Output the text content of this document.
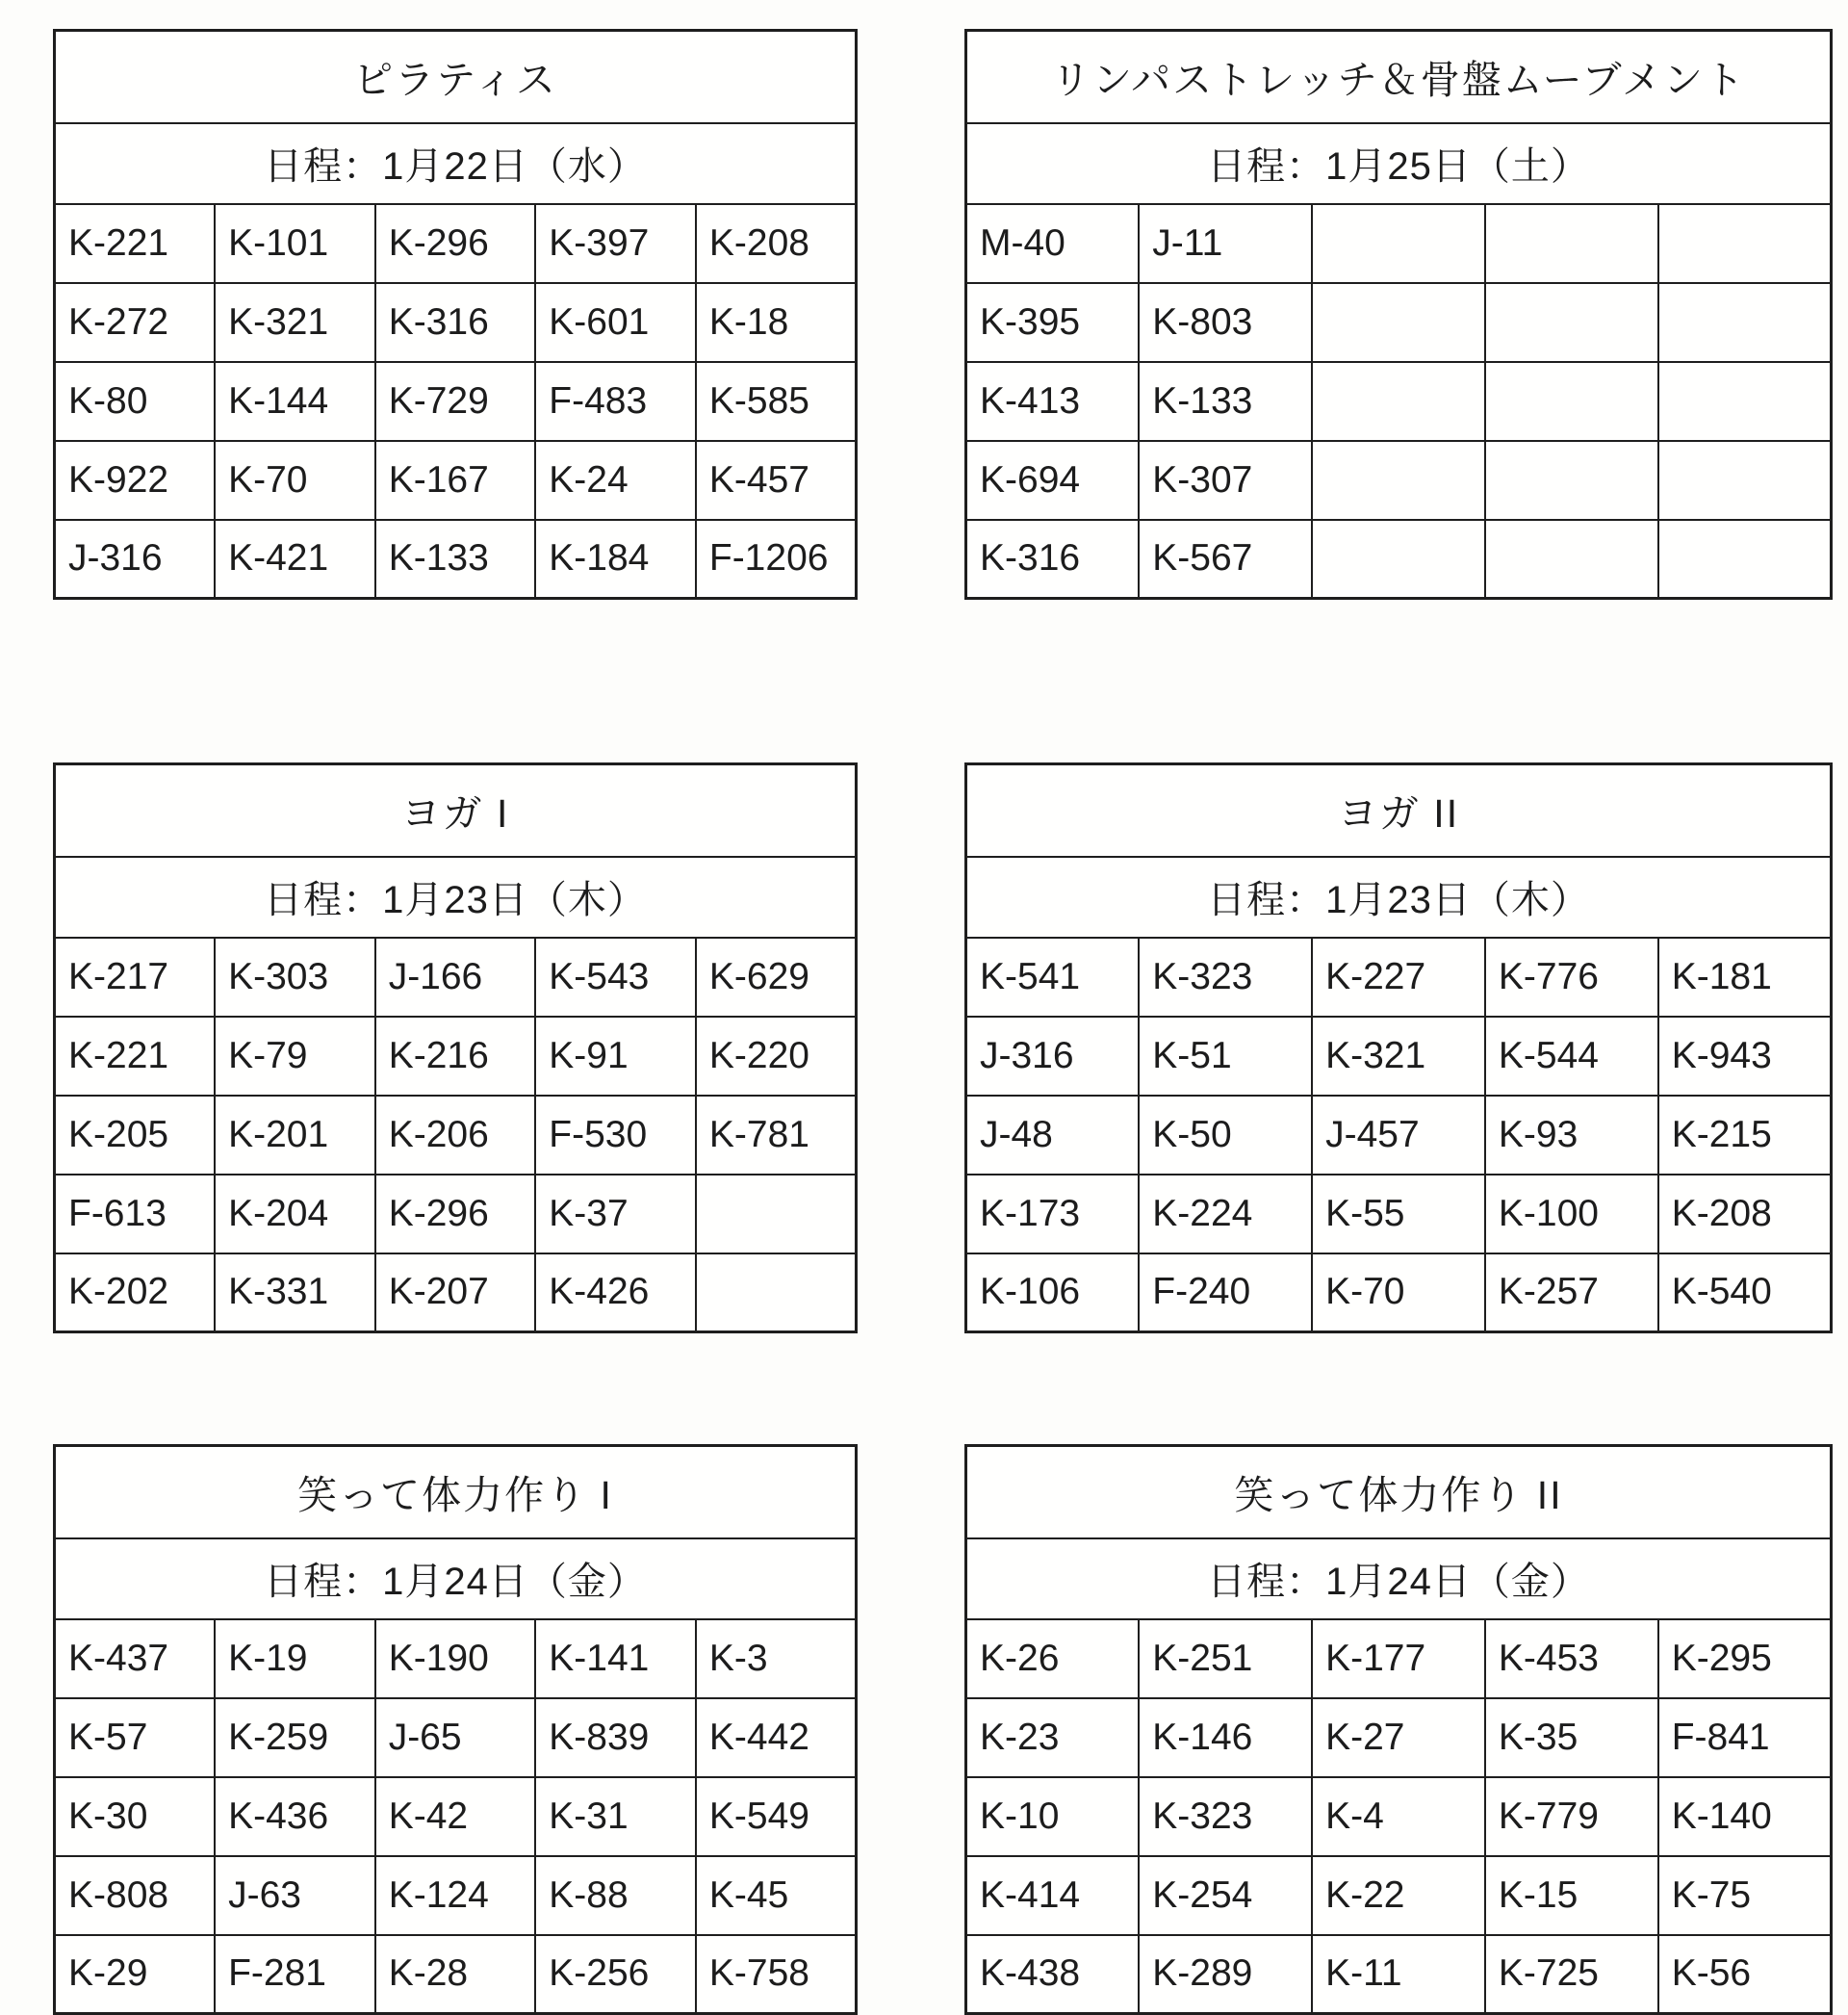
ピラティス				
日程：1月22日（水）				
K-221	K-101	K-296	K-397	K-208
K-272	K-321	K-316	K-601	K-18
K-80	K-144	K-729	F-483	K-585
K-922	K-70	K-167	K-24	K-457
J-316	K-421	K-133	K-184	F-1206
リンパストレッチ＆骨盤ムーブメント				
日程：1月25日（土）				
M-40	J-11			
K-395	K-803			
K-413	K-133			
K-694	K-307			
K-316	K-567			
ヨガ I				
日程：1月23日（木）				
K-217	K-303	J-166	K-543	K-629
K-221	K-79	K-216	K-91	K-220
K-205	K-201	K-206	F-530	K-781
F-613	K-204	K-296	K-37	
K-202	K-331	K-207	K-426	
ヨガ II				
日程：1月23日（木）				
K-541	K-323	K-227	K-776	K-181
J-316	K-51	K-321	K-544	K-943
J-48	K-50	J-457	K-93	K-215
K-173	K-224	K-55	K-100	K-208
K-106	F-240	K-70	K-257	K-540
笑って体力作り I				
日程：1月24日（金）				
K-437	K-19	K-190	K-141	K-3
K-57	K-259	J-65	K-839	K-442
K-30	K-436	K-42	K-31	K-549
K-808	J-63	K-124	K-88	K-45
K-29	F-281	K-28	K-256	K-758
笑って体力作り II				
日程：1月24日（金）				
K-26	K-251	K-177	K-453	K-295
K-23	K-146	K-27	K-35	F-841
K-10	K-323	K-4	K-779	K-140
K-414	K-254	K-22	K-15	K-75
K-438	K-289	K-11	K-725	K-56
